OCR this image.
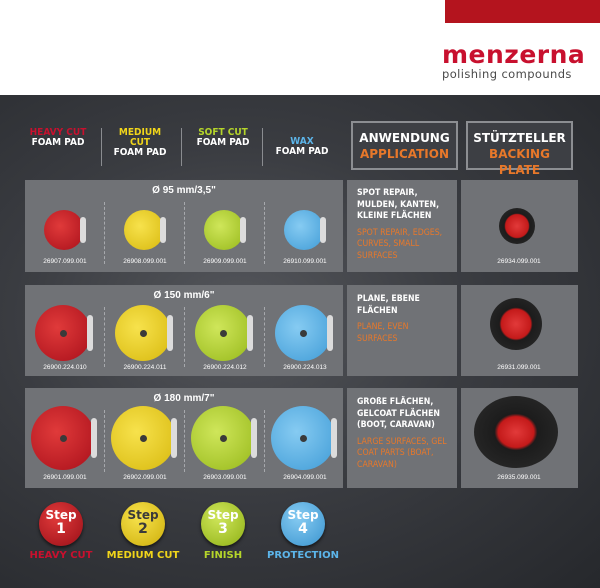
menzerna
polishing compounds
HEAVY CUT
FOAM PAD
MEDIUM CUT
FOAM PAD
SOFT CUT
FOAM PAD	WAX
FOAM PAD
ANWENDUNG
APPLICATION
STÜTZTELLER
BACKING PLATE
Ø 95 mm/3,5"
26907.099.001	26908.099.001	26909.099.001	26910.099.001
SPOT REPAIR, MULDEN, KANTEN, KLEINE FLÄCHEN
SPOT REPAIR, EDGES, CURVES, SMALL SURFACES
26934.099.001
Ø 150 mm/6"
26900.224.010	26900.224.011	26900.224.012	26900.224.013
PLANE, EBENE FLÄCHEN
PLANE, EVEN SURFACES
26931.099.001
Ø 180 mm/7"
26901.099.001	26902.099.001	26903.099.001	26904.099.001
GROßE FLÄCHEN, GELCOAT FLÄCHEN (BOOT, CARAVAN)
LARGE SURFACES, GEL COAT PARTS (BOAT, CARAVAN)
26935.099.001
Step
1
HEAVY CUT
Step
2
MEDIUM CUT
Step
3
FINISH
Step
4
PROTECTION
